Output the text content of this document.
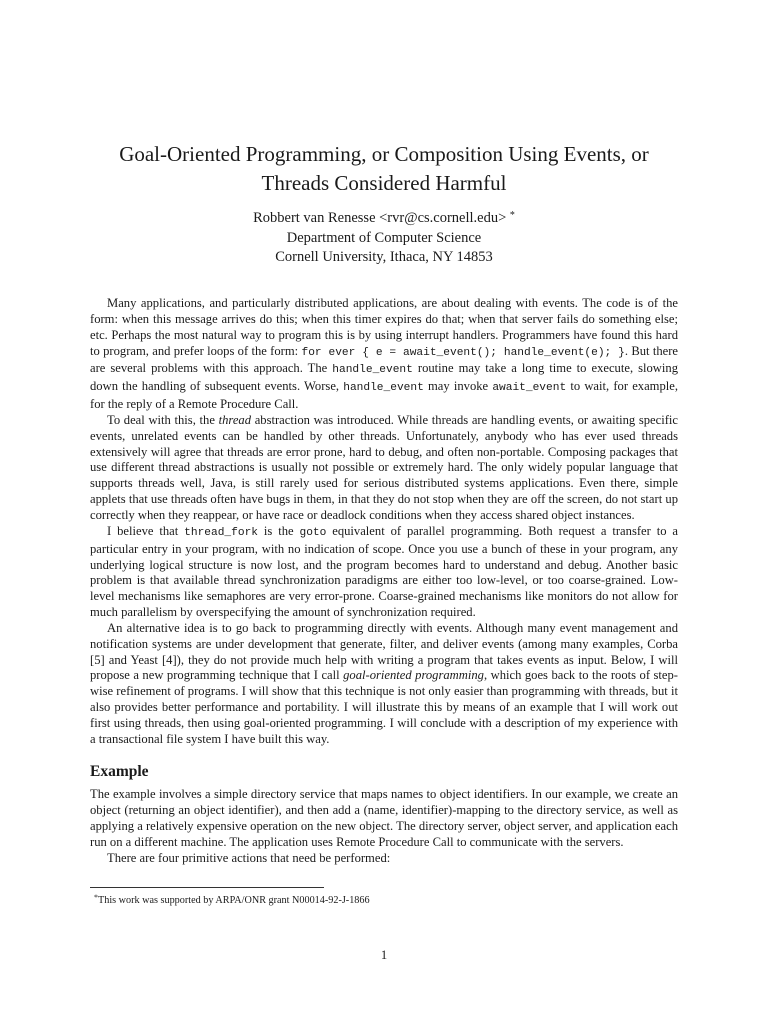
Goal-Oriented Programming, or Composition Using Events, or
Threads Considered Harmful
Robbert van Renesse <rvr@cs.cornell.edu> *
Department of Computer Science
Cornell University, Ithaca, NY 14853

Many applications, and particularly distributed applications, are about dealing with events. The code is of the form: when this message arrives do this; when this timer expires do that; when that server fails do something else; etc. Perhaps the most natural way to program this is by using interrupt handlers. Programmers have found this hard to program, and prefer loops of the form: for ever { e = await_event(); handle_event(e); }. But there are several problems with this approach. The handle_event routine may take a long time to execute, slowing down the handling of subsequent events. Worse, handle_event may invoke await_event to wait, for example, for the reply of a Remote Procedure Call.

To deal with this, the thread abstraction was introduced. While threads are handling events, or awaiting specific events, unrelated events can be handled by other threads. Unfortunately, anybody who has ever used threads extensively will agree that threads are error prone, hard to debug, and often non-portable. Composing packages that use different thread abstractions is usually not possible or extremely hard. The only widely popular language that supports threads well, Java, is still rarely used for serious distributed systems applications. Even there, simple applets that use threads often have bugs in them, in that they do not stop when they are off the screen, do not start up correctly when they reappear, or have race or deadlock conditions when they access shared object instances.

I believe that thread_fork is the goto equivalent of parallel programming. Both request a transfer to a particular entry in your program, with no indication of scope. Once you use a bunch of these in your program, any underlying logical structure is now lost, and the program becomes hard to understand and debug. Another basic problem is that available thread synchronization paradigms are either too low-level, or too coarse-grained. Low-level mechanisms like semaphores are very error-prone. Coarse-grained mechanisms like monitors do not allow for much parallelism by overspecifying the amount of synchronization required.

An alternative idea is to go back to programming directly with events. Although many event management and notification systems are under development that generate, filter, and deliver events (among many examples, Corba [5] and Yeast [4]), they do not provide much help with writing a program that takes events as input. Below, I will propose a new programming technique that I call goal-oriented programming, which goes back to the roots of step-wise refinement of programs. I will show that this technique is not only easier than programming with threads, but it also provides better performance and portability. I will illustrate this by means of an example that I will work out first using threads, then using goal-oriented programming. I will conclude with a description of my experience with a transactional file system I have built this way.

Example

The example involves a simple directory service that maps names to object identifiers. In our example, we create an object (returning an object identifier), and then add a (name, identifier)-mapping to the directory service, as well as applying a relatively expensive operation on the new object. The directory server, object server, and application each run on a different machine. The application uses Remote Procedure Call to communicate with the servers.

There are four primitive actions that need be performed:

*This work was supported by ARPA/ONR grant N00014-92-J-1866
1
